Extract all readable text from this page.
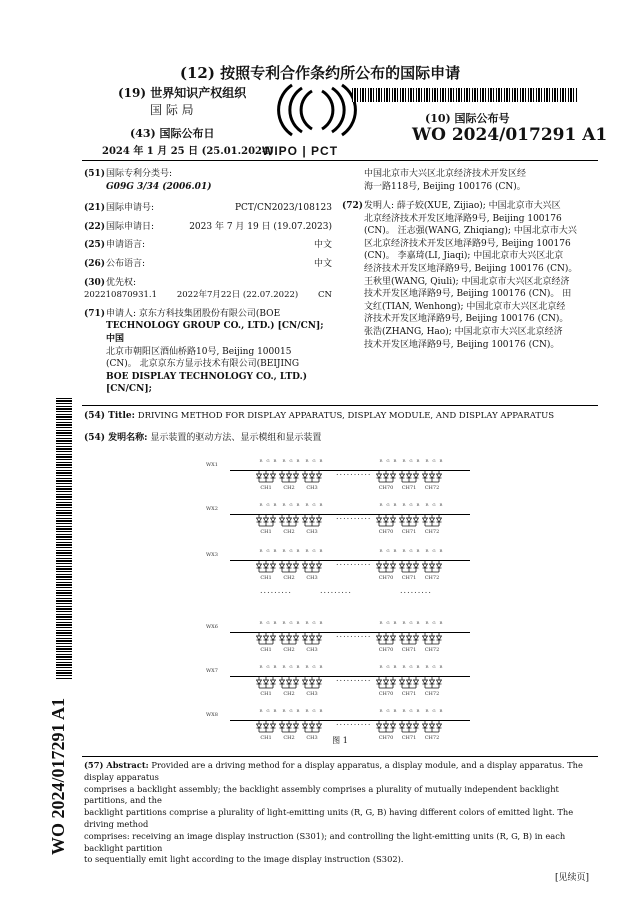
(12) 按照专利合作条约所公布的国际申请
(19) 世界知识产权组织
国 际 局
(43) 国际公布日
2024 年 1 月 25 日 (25.01.2024)
WIPO | PCT
(10) 国际公布号
WO 2024/017291 A1
(51) 国际专利分类号:
G09G 3/34 (2006.01)
(21)国际申请号:	PCT/CN2023/108123
(22)国际申请日:	2023 年 7 月 19 日 (19.07.2023)
(25)申请语言:	中文
(26)公布语言:	中文
(30) 优先权:
202210870931.1 2022年7月22日 (22.07.2022) CN
(71) 申请人: 京东方科技集团股份有限公司(BOE
TECHNOLOGY GROUP CO., LTD.) [CN/CN]; 中国
北京市朝阳区酒仙桥路10号, Beijing 100015
(CN)。 北京京东方显示技术有限公司(BEIJING
BOE DISPLAY TECHNOLOGY CO., LTD.) [CN/CN];
中国北京市大兴区北京经济技术开发区经
海一路118号, Beijing 100176 (CN)。
(72) 发明人: 薛子姣(XUE, Zijiao); 中国北京市大兴区
北京经济技术开发区地泽路9号, Beijing 100176
(CN)。 汪志强(WANG, Zhiqiang); 中国北京市大兴
区北京经济技术开发区地泽路9号, Beijing 100176
(CN)。 李嘉琦(LI, Jiaqi); 中国北京市大兴区北京
经济技术开发区地泽路9号, Beijing 100176 (CN)。
王秋里(WANG, Qiuli); 中国北京市大兴区北京经济
技术开发区地泽路9号, Beijing 100176 (CN)。 田
文红(TIAN, Wenhong); 中国北京市大兴区北京经
济技术开发区地泽路9号, Beijing 100176 (CN)。
张浩(ZHANG, Hao); 中国北京市大兴区北京经济
技术开发区地泽路9号, Beijing 100176 (CN)。
WO 2024/017291 A1
(54) Title: DRIVING METHOD FOR DISPLAY APPARATUS, DISPLAY MODULE, AND DISPLAY APPARATUS
(54) 发明名称: 显示装置的驱动方法、显示模组和显示装置
WX1
R G B
CH1
R G B
CH2
R G B
CH3
R G B
CH70
R G B
CH71
R G B
CH72
..........
WX2
R G B
CH1
R G B
CH2
R G B
CH3
R G B
CH70
R G B
CH71
R G B
CH72
..........
WX3
R G B
CH1
R G B
CH2
R G B
CH3
R G B
CH70
R G B
CH71
R G B
CH72
..........
WX6
R G B
CH1
R G B
CH2
R G B
CH3
R G B
CH70
R G B
CH71
R G B
CH72
..........
WX7
R G B
CH1
R G B
CH2
R G B
CH3
R G B
CH70
R G B
CH71
R G B
CH72
..........
WX8
R G B
CH1
R G B
CH2
R G B
CH3
R G B
CH70
R G B
CH71
R G B
CH72
..........
.........	.........	.........
图 1
(57) Abstract: Provided are a driving method for a display apparatus, a display module, and a display apparatus. The display apparatus
comprises a backlight assembly; the backlight assembly comprises a plurality of mutually independent backlight partitions, and the
backlight partitions comprise a plurality of light-emitting units (R, G, B) having different colors of emitted light. The driving method
comprises: receiving an image display instruction (S301); and controlling the light-emitting units (R, G, B) in each backlight partition
to sequentially emit light according to the image display instruction (S302).
[见续页]
